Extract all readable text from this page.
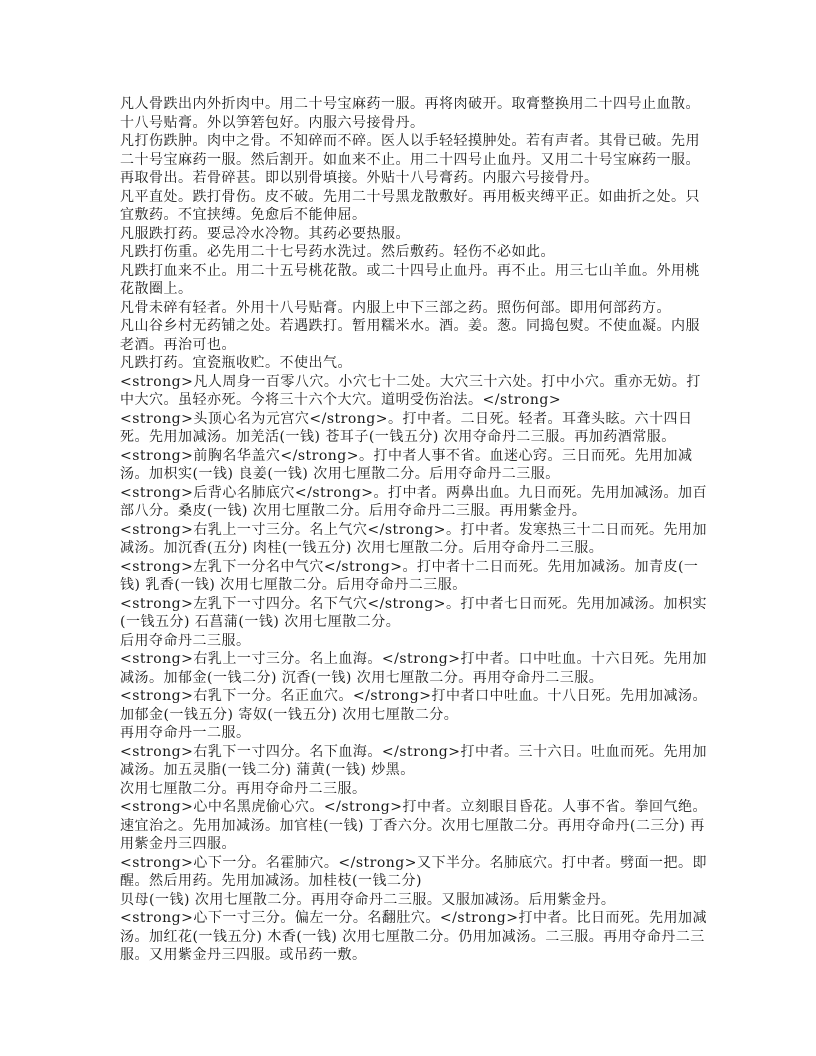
凡人骨跌出内外折肉中。用二十号宝麻药一服。再将肉破开。取膏整换用二十四号止血散。十八号贴膏。外以笋箬包好。内服六号接骨丹。

凡打伤跌肿。肉中之骨。不知碎而不碎。医人以手轻轻摸肿处。若有声者。其骨已破。先用二十号宝麻药一服。然后割开。如血来不止。用二十四号止血丹。又用二十号宝麻药一服。再取骨出。若骨碎甚。即以别骨填接。外贴十八号膏药。内服六号接骨丹。

凡平直处。跌打骨伤。皮不破。先用二十号黑龙散敷好。再用板夹缚平正。如曲折之处。只宜敷药。不宜挟缚。免愈后不能伸屈。

凡服跌打药。要忌冷水冷物。其药必要热服。

凡跌打伤重。必先用二十七号药水洗过。然后敷药。轻伤不必如此。

凡跌打血来不止。用二十五号桃花散。或二十四号止血丹。再不止。用三七山羊血。外用桃花散圈上。

凡骨未碎有轻者。外用十八号贴膏。内服上中下三部之药。照伤何部。即用何部药方。

凡山谷乡村无药铺之处。若遇跌打。暂用糯米水。酒。姜。葱。同捣包熨。不使血凝。内服老酒。再治可也。

凡跌打药。宜瓷瓶收贮。不使出气。

<strong>凡人周身一百零八穴。小穴七十二处。大穴三十六处。打中小穴。重亦无妨。打中大穴。虽轻亦死。今将三十六个大穴。道明受伤治法。</strong>

<strong>头顶心名为元宫穴</strong>。打中者。二日死。轻者。耳聋头眩。六十四日死。先用加减汤。加羌活(一钱) 苍耳子(一钱五分) 次用夺命丹二三服。再加药酒常服。

<strong>前胸名华盖穴</strong>。打中者人事不省。血迷心窍。三日而死。先用加减汤。加枳实(一钱) 良姜(一钱) 次用七厘散二分。后用夺命丹二三服。

<strong>后背心名肺底穴</strong>。打中者。两鼻出血。九日而死。先用加减汤。加百部八分。桑皮(一钱) 次用七厘散二分。后用夺命丹二三服。再用紫金丹。

<strong>右乳上一寸三分。名上气穴</strong>。打中者。发寒热三十二日而死。先用加减汤。加沉香(五分) 肉桂(一钱五分) 次用七厘散二分。后用夺命丹二三服。

<strong>左乳下一分名中气穴</strong>。打中者十二日而死。先用加减汤。加青皮(一钱) 乳香(一钱) 次用七厘散二分。后用夺命丹二三服。

<strong>左乳下一寸四分。名下气穴</strong>。打中者七日而死。先用加减汤。加枳实(一钱五分) 石菖蒲(一钱) 次用七厘散二分。

后用夺命丹二三服。

<strong>右乳上一寸三分。名上血海。</strong>打中者。口中吐血。十六日死。先用加减汤。加郁金(一钱二分) 沉香(一钱) 次用七厘散二分。再用夺命丹二三服。

<strong>右乳下一分。名正血穴。</strong>打中者口中吐血。十八日死。先用加减汤。加郁金(一钱五分) 寄奴(一钱五分) 次用七厘散二分。

再用夺命丹一二服。

<strong>右乳下一寸四分。名下血海。</strong>打中者。三十六日。吐血而死。先用加减汤。加五灵脂(一钱二分) 蒲黄(一钱) 炒黑。

次用七厘散二分。再用夺命丹二三服。

<strong>心中名黑虎偷心穴。</strong>打中者。立刻眼目昏花。人事不省。拳回气绝。速宜治之。先用加减汤。加官桂(一钱) 丁香六分。次用七厘散二分。再用夺命丹(二三分) 再用紫金丹三四服。

<strong>心下一分。名霍肺穴。</strong>又下半分。名肺底穴。打中者。劈面一把。即醒。然后用药。先用加减汤。加桂枝(一钱二分)

贝母(一钱) 次用七厘散二分。再用夺命丹二三服。又服加减汤。后用紫金丹。

<strong>心下一寸三分。偏左一分。名翻肚穴。</strong>打中者。比日而死。先用加减汤。加红花(一钱五分) 木香(一钱) 次用七厘散二分。仍用加减汤。二三服。再用夺命丹二三服。又用紫金丹三四服。或吊药一敷。
